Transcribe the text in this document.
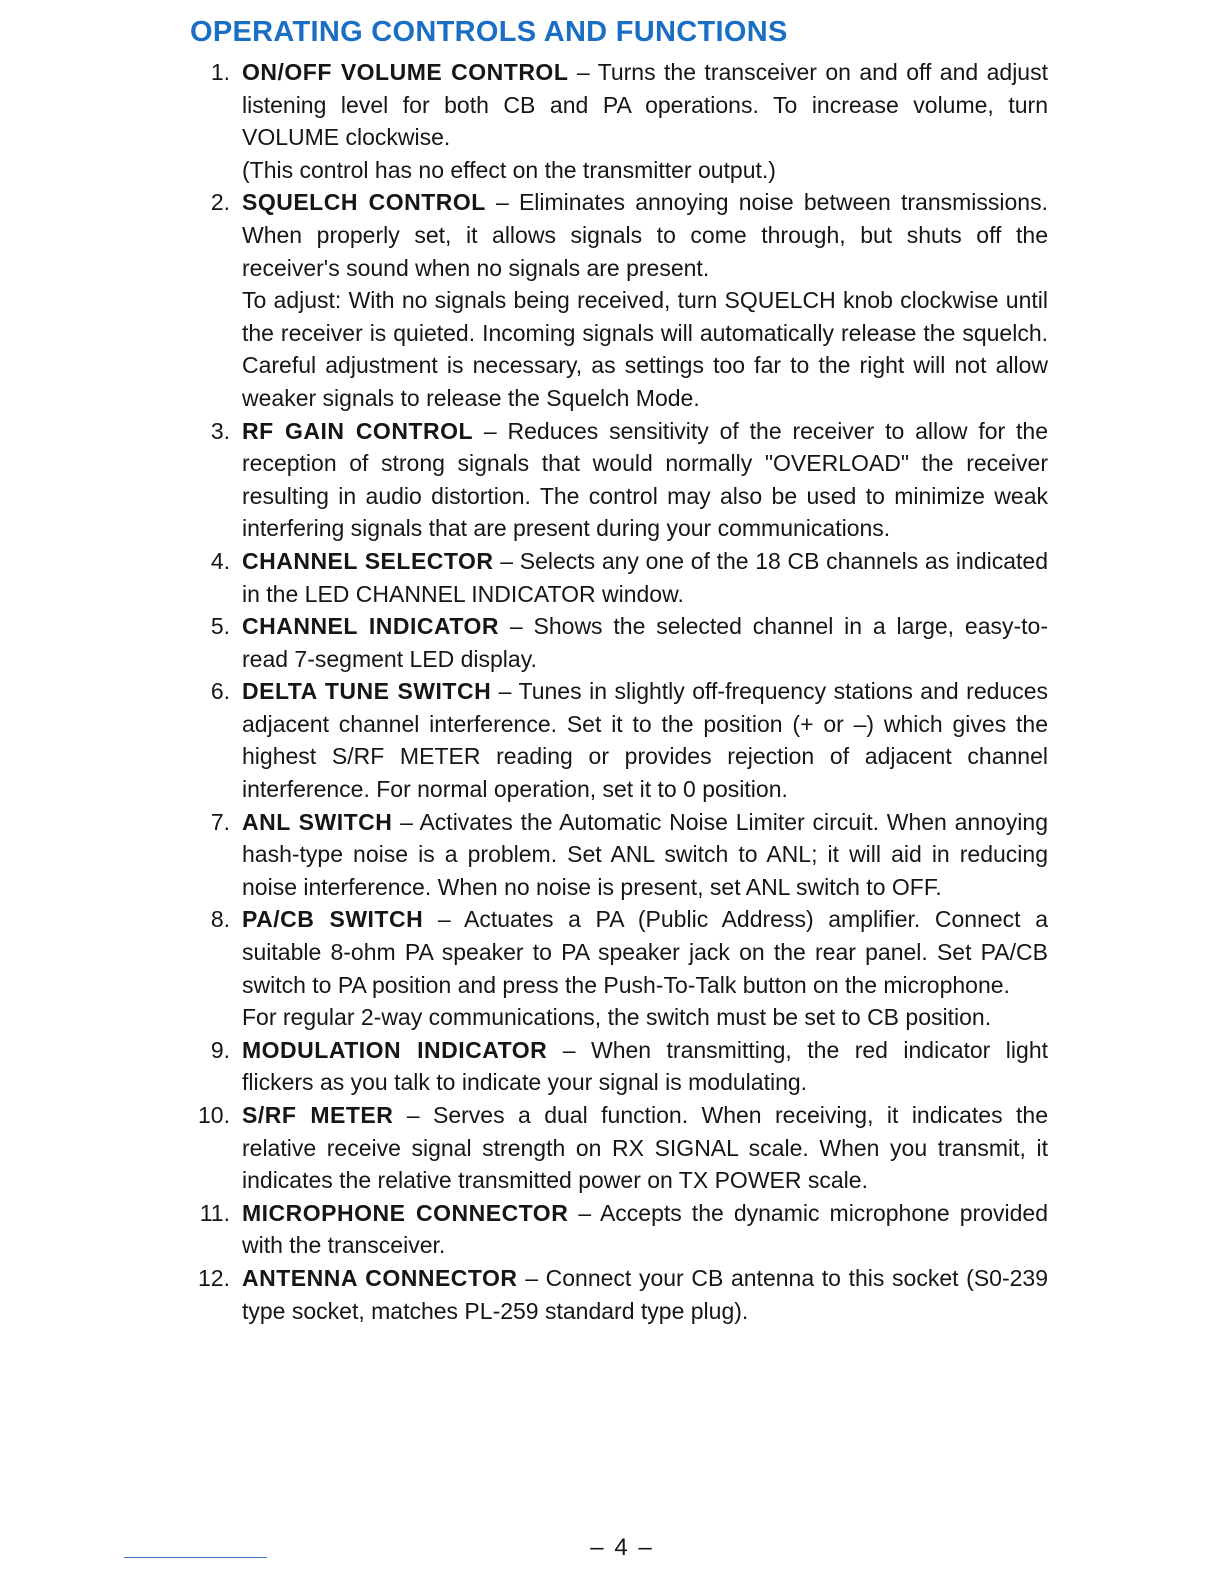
OPERATING CONTROLS AND FUNCTIONS
1. ON/OFF VOLUME CONTROL – Turns the transceiver on and off and adjust listening level for both CB and PA operations. To increase volume, turn VOLUME clockwise.
(This control has no effect on the transmitter output.)
2. SQUELCH CONTROL – Eliminates annoying noise between transmissions. When properly set, it allows signals to come through, but shuts off the receiver's sound when no signals are present.
To adjust: With no signals being received, turn SQUELCH knob clockwise until the receiver is quieted. Incoming signals will automatically release the squelch. Careful adjustment is necessary, as settings too far to the right will not allow weaker signals to release the Squelch Mode.
3. RF GAIN CONTROL – Reduces sensitivity of the receiver to allow for the reception of strong signals that would normally "OVERLOAD" the receiver resulting in audio distortion. The control may also be used to minimize weak interfering signals that are present during your communications.
4. CHANNEL SELECTOR – Selects any one of the 18 CB channels as indicated in the LED CHANNEL INDICATOR window.
5. CHANNEL INDICATOR – Shows the selected channel in a large, easy-to-read 7-segment LED display.
6. DELTA TUNE SWITCH – Tunes in slightly off-frequency stations and reduces adjacent channel interference. Set it to the position (+ or –) which gives the highest S/RF METER reading or provides rejection of adjacent channel interference. For normal operation, set it to 0 position.
7. ANL SWITCH – Activates the Automatic Noise Limiter circuit. When annoying hash-type noise is a problem. Set ANL switch to ANL; it will aid in reducing noise interference. When no noise is present, set ANL switch to OFF.
8. PA/CB SWITCH – Actuates a PA (Public Address) amplifier. Connect a suitable 8-ohm PA speaker to PA speaker jack on the rear panel. Set PA/CB switch to PA position and press the Push-To-Talk button on the microphone.
For regular 2-way communications, the switch must be set to CB position.
9. MODULATION INDICATOR – When transmitting, the red indicator light flickers as you talk to indicate your signal is modulating.
10. S/RF METER – Serves a dual function. When receiving, it indicates the relative receive signal strength on RX SIGNAL scale. When you transmit, it indicates the relative transmitted power on TX POWER scale.
11. MICROPHONE CONNECTOR – Accepts the dynamic microphone provided with the transceiver.
12. ANTENNA CONNECTOR – Connect your CB antenna to this socket (S0-239 type socket, matches PL-259 standard type plug).
– 4 –
